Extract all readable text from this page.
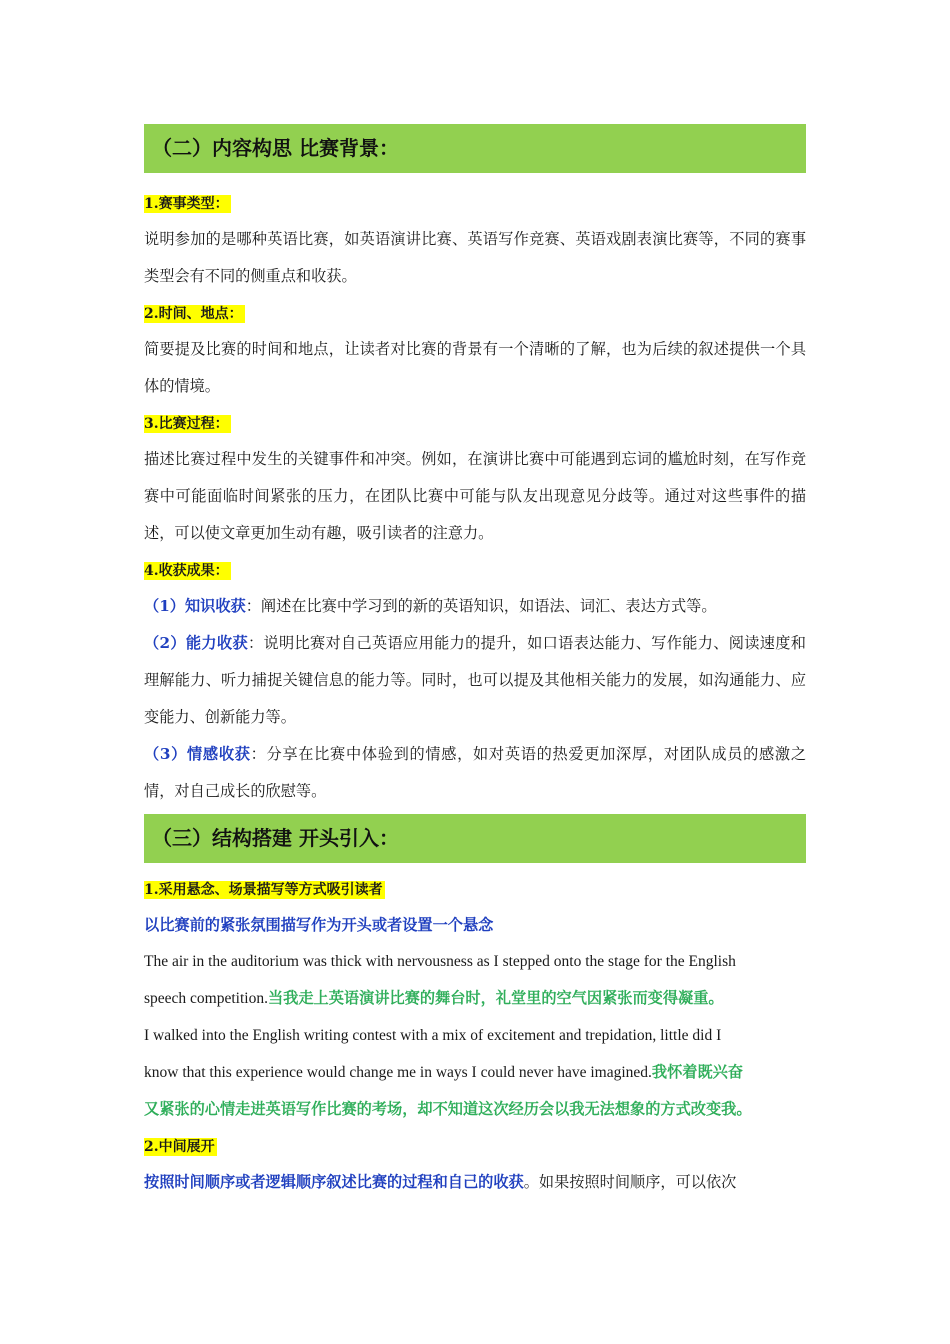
（二）内容构思 比赛背景：
1.赛事类型：
说明参加的是哪种英语比赛，如英语演讲比赛、英语写作竞赛、英语戏剧表演比赛等，不同的赛事类型会有不同的侧重点和收获。
2.时间、地点：
简要提及比赛的时间和地点，让读者对比赛的背景有一个清晰的了解，也为后续的叙述提供一个具体的情境。
3.比赛过程：
描述比赛过程中发生的关键事件和冲突。例如，在演讲比赛中可能遇到忘词的尴尬时刻，在写作竞赛中可能面临时间紧张的压力，在团队比赛中可能与队友出现意见分歧等。通过对这些事件的描述，可以使文章更加生动有趣，吸引读者的注意力。
4.收获成果：
（1）知识收获：阐述在比赛中学习到的新的英语知识，如语法、词汇、表达方式等。
（2）能力收获：说明比赛对自己英语应用能力的提升，如口语表达能力、写作能力、阅读速度和理解能力、听力捕捉关键信息的能力等。同时，也可以提及其他相关能力的发展，如沟通能力、应变能力、创新能力等。
（3）情感收获：分享在比赛中体验到的情感，如对英语的热爱更加深厚，对团队成员的感激之情，对自己成长的欣慰等。
（三）结构搭建 开头引入：
1.采用悬念、场景描写等方式吸引读者
以比赛前的紧张氛围描写作为开头或者设置一个悬念
The air in the auditorium was thick with nervousness as I stepped onto the stage for the English
speech competition.当我走上英语演讲比赛的舞台时，礼堂里的空气因紧张而变得凝重。
I walked into the English writing contest with a mix of excitement and trepidation, little did I
know that this experience would change me in ways I could never have imagined.我怀着既兴奋
又紧张的心情走进英语写作比赛的考场，却不知道这次经历会以我无法想象的方式改变我。
2.中间展开
按照时间顺序或者逻辑顺序叙述比赛的过程和自己的收获。如果按照时间顺序，可以依次
